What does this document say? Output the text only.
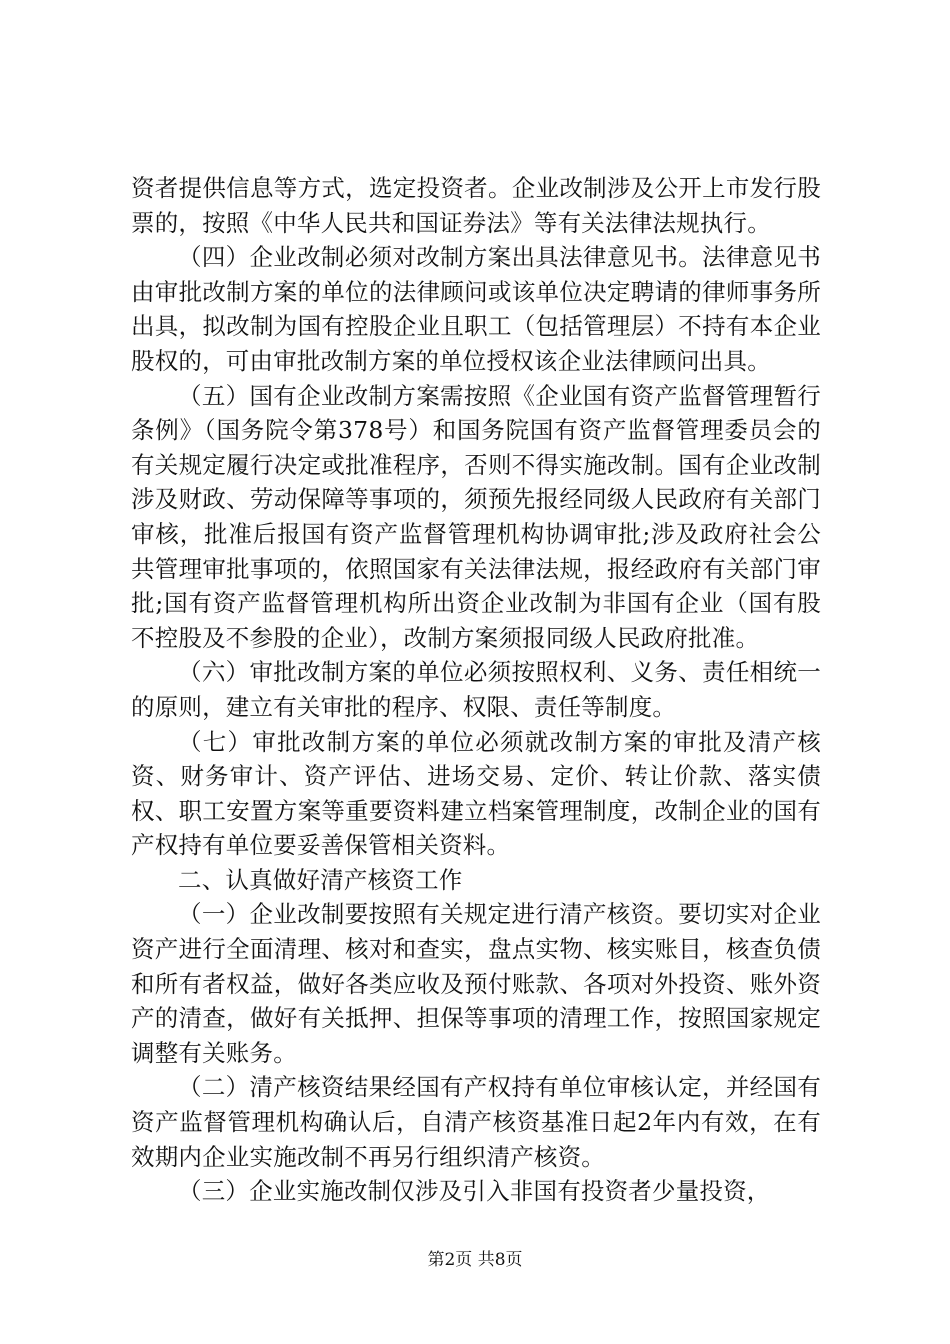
资者提供信息等方式，选定投资者。企业改制涉及公开上市发行股票的，按照《中华人民共和国证券法》等有关法律法规执行。

（四）企业改制必须对改制方案出具法律意见书。法律意见书由审批改制方案的单位的法律顾问或该单位决定聘请的律师事务所出具，拟改制为国有控股企业且职工（包括管理层）不持有本企业股权的，可由审批改制方案的单位授权该企业法律顾问出具。

（五）国有企业改制方案需按照《企业国有资产监督管理暂行条例》（国务院令第378号）和国务院国有资产监督管理委员会的有关规定履行决定或批准程序，否则不得实施改制。国有企业改制涉及财政、劳动保障等事项的，须预先报经同级人民政府有关部门审核，批准后报国有资产监督管理机构协调审批;涉及政府社会公共管理审批事项的，依照国家有关法律法规，报经政府有关部门审批;国有资产监督管理机构所出资企业改制为非国有企业（国有股不控股及不参股的企业），改制方案须报同级人民政府批准。

（六）审批改制方案的单位必须按照权利、义务、责任相统一的原则，建立有关审批的程序、权限、责任等制度。

（七）审批改制方案的单位必须就改制方案的审批及清产核资、财务审计、资产评估、进场交易、定价、转让价款、落实债权、职工安置方案等重要资料建立档案管理制度，改制企业的国有产权持有单位要妥善保管相关资料。

二、认真做好清产核资工作

（一）企业改制要按照有关规定进行清产核资。要切实对企业资产进行全面清理、核对和查实，盘点实物、核实账目，核查负债和所有者权益，做好各类应收及预付账款、各项对外投资、账外资产的清查，做好有关抵押、担保等事项的清理工作，按照国家规定调整有关账务。

（二）清产核资结果经国有产权持有单位审核认定，并经国有资产监督管理机构确认后，自清产核资基准日起2年内有效，在有效期内企业实施改制不再另行组织清产核资。

（三）企业实施改制仅涉及引入非国有投资者少量投资，

第2页 共8页
